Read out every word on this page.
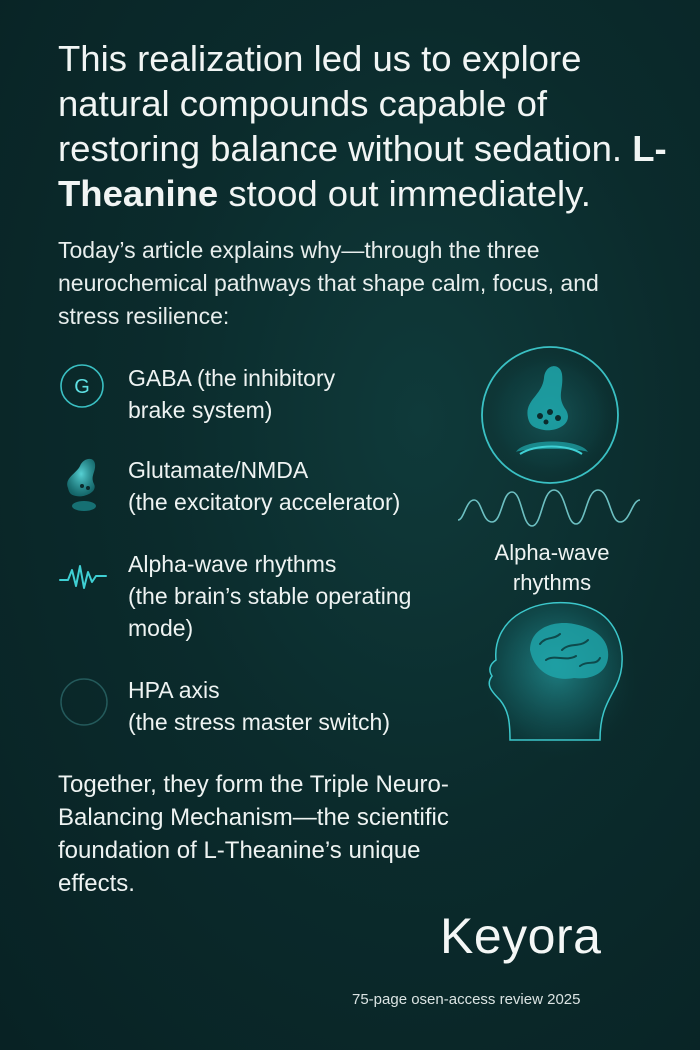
This realization led us to explore natural compounds capable of restoring balance without sedation. L-Theanine stood out immediately.

Today’s article explains why—through the three neurochemical pathways that shape calm, focus, and stress resilience:

G GABA (the inhibitory
brake system)
Glutamate/NMDA
(the excitatory accelerator)
Alpha-wave rhythms
(the brain’s stable operating mode)
HPA axis
(the stress master switch)
Alpha-wave rhythms

Together, they form the Triple Neuro-Balancing Mechanism—the scientific foundation of L-Theanine’s unique effects.

Keyora
75-page osen-access review 2025
